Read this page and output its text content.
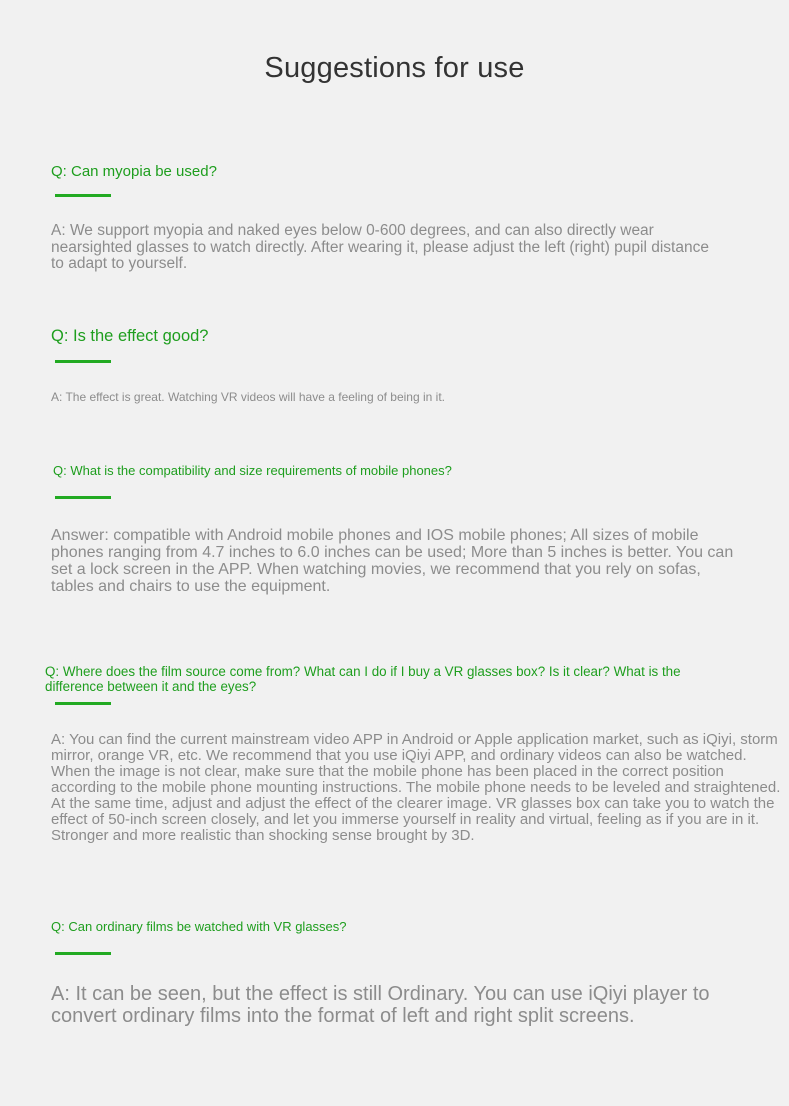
Suggestions for use
Q: Can myopia be used?
A: We support myopia and naked eyes below 0-600 degrees, and can also directly wear nearsighted glasses to watch directly. After wearing it, please adjust the left (right) pupil distance to adapt to yourself.
Q: Is the effect good?
A: The effect is great. Watching VR videos will have a feeling of being in it.
Q: What is the compatibility and size requirements of mobile phones?
Answer: compatible with Android mobile phones and IOS mobile phones; All sizes of mobile phones ranging from 4.7 inches to 6.0 inches can be used; More than 5 inches is better. You can set a lock screen in the APP. When watching movies, we recommend that you rely on sofas, tables and chairs to use the equipment.
Q: Where does the film source come from? What can I do if I buy a VR glasses box? Is it clear? What is the difference between it and the eyes?
A: You can find the current mainstream video APP in Android or Apple application market, such as iQiyi, storm mirror, orange VR, etc. We recommend that you use iQiyi APP, and ordinary videos can also be watched. When the image is not clear, make sure that the mobile phone has been placed in the correct position according to the mobile phone mounting instructions. The mobile phone needs to be leveled and straightened. At the same time, adjust and adjust the effect of the clearer image. VR glasses box can take you to watch the effect of 50-inch screen closely, and let you immerse yourself in reality and virtual, feeling as if you are in it. Stronger and more realistic than shocking sense brought by 3D.
Q: Can ordinary films be watched with VR glasses?
A: It can be seen, but the effect is still Ordinary. You can use iQiyi player to convert ordinary films into the format of left and right split screens.
